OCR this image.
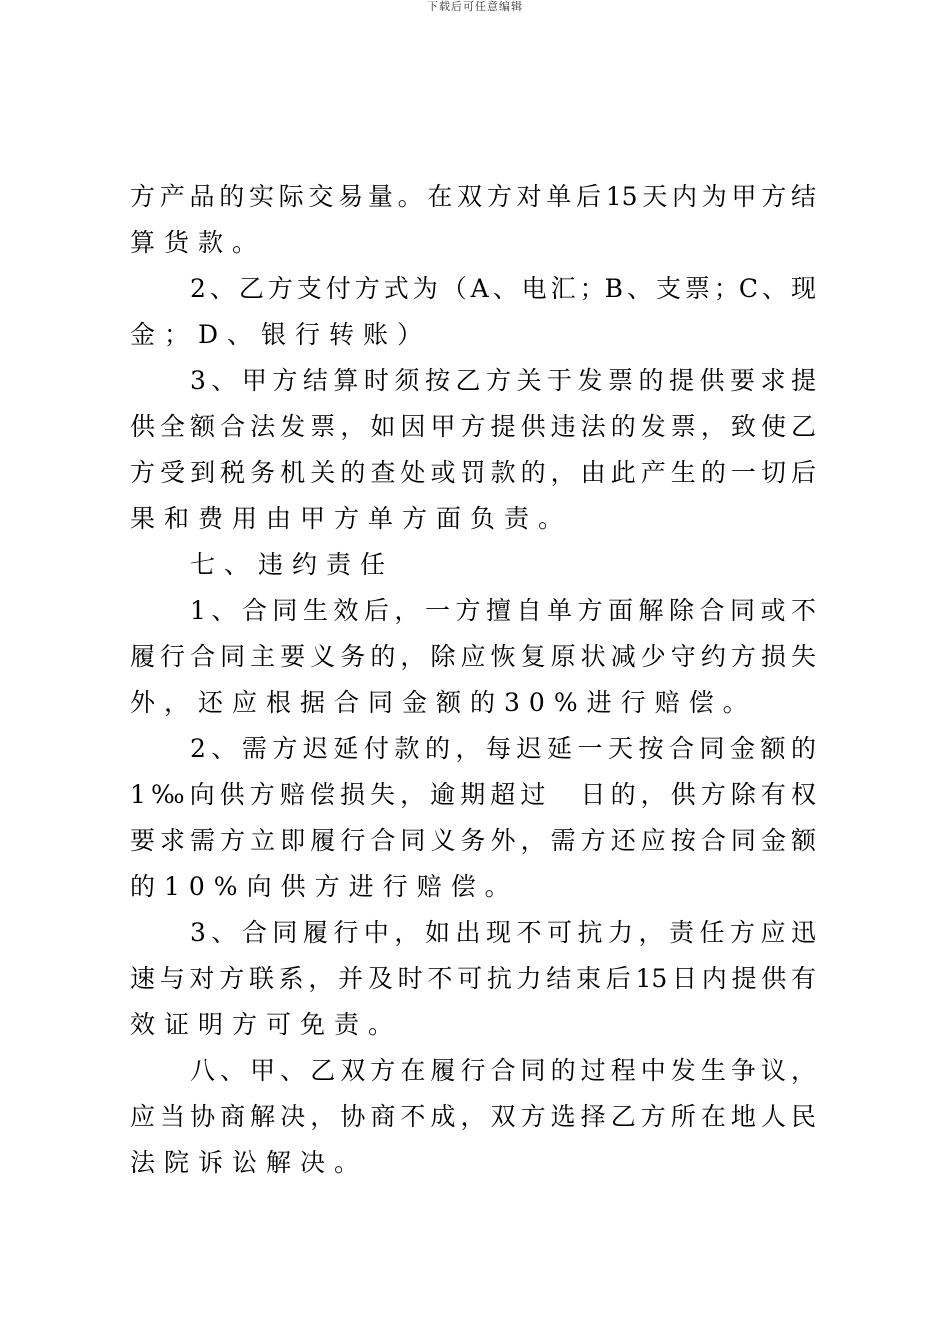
下载后可任意编辑
方产品的实际交易量。在双方对单后15天内为甲方结
算货款。
2、乙方支付方式为（A、电汇；B、支票；C、现
金；D、银行转账）
3、甲方结算时须按乙方关于发票的提供要求提
供全额合法发票，如因甲方提供违法的发票，致使乙
方受到税务机关的查处或罚款的，由此产生的一切后
果和费用由甲方单方面负责。
七、违约责任
1、合同生效后，一方擅自单方面解除合同或不
履行合同主要义务的，除应恢复原状减少守约方损失
外，还应根据合同金额的30%进行赔偿。
2、需方迟延付款的，每迟延一天按合同金额的
1‰向供方赔偿损失，逾期超过　日的，供方除有权
要求需方立即履行合同义务外，需方还应按合同金额
的10%向供方进行赔偿。
3、合同履行中，如出现不可抗力，责任方应迅
速与对方联系，并及时不可抗力结束后15日内提供有
效证明方可免责。
八、甲、乙双方在履行合同的过程中发生争议，
应当协商解决，协商不成，双方选择乙方所在地人民
法院诉讼解决。
